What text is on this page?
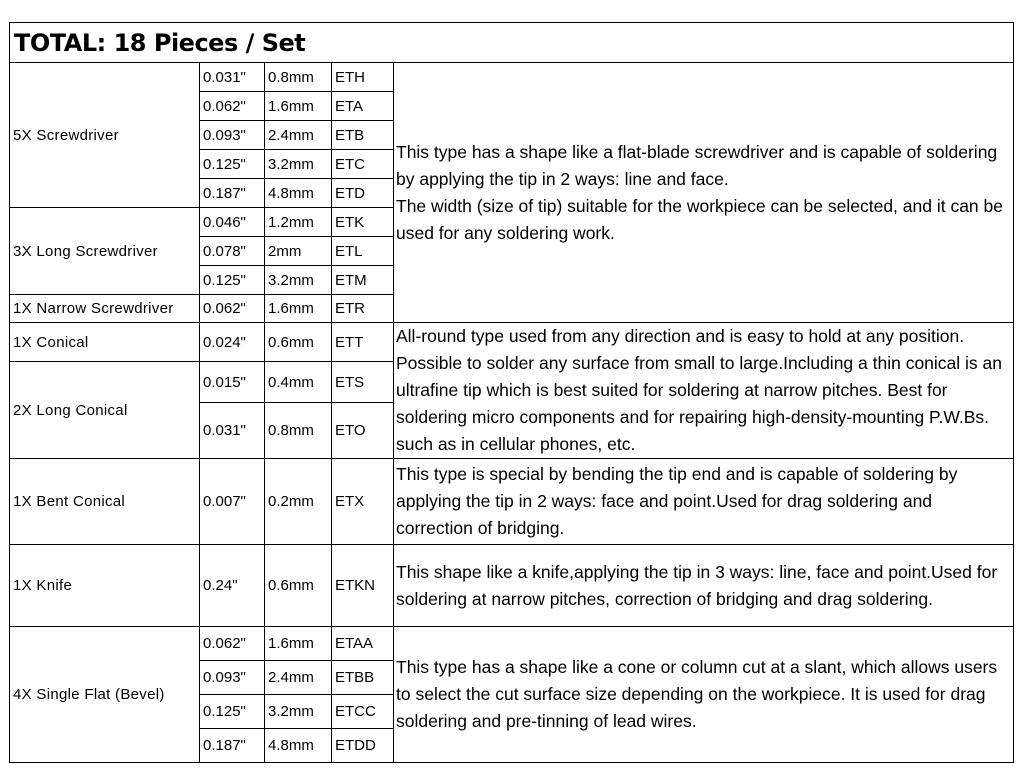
TOTAL: 18 Pieces / Set				
5X Screwdriver	0.031"	0.8mm	ETH	This type has a shape like a flat-blade screwdriver and is capable of soldering by applying the tip in 2 ways: line and face.

The width (size of tip) suitable for the workpiece can be selected, and it can be used for any soldering work.

	0.062"	1.6mm	ETA	
	0.093"	2.4mm	ETB	
	0.125"	3.2mm	ETC	
	0.187"	4.8mm	ETD	
3X Long Screwdriver	0.046"	1.2mm	ETK	
	0.078"	2mm	ETL	
	0.125"	3.2mm	ETM	
1X Narrow Screwdriver	0.062"	1.6mm	ETR	
1X Conical	0.024"	0.6mm	ETT	All-round type used from any direction and is easy to hold at any position. Possible to solder any surface from small to large.Including a thin conical is an ultrafine tip which is best suited for soldering at narrow pitches. Best for soldering micro components and for repairing high-density-mounting P.W.Bs. such as in cellular phones, etc.
2X Long Conical	0.015"	0.4mm	ETS	
	0.031"	0.8mm	ETO	
1X Bent Conical	0.007"	0.2mm	ETX	This type is special by bending the tip end and is capable of soldering by applying the tip in 2 ways: face and point.Used for drag soldering and correction of bridging.
1X Knife	0.24"	0.6mm	ETKN	This shape like a knife,applying the tip in 3 ways: line, face and point.Used for soldering at narrow pitches, correction of bridging and drag soldering.
4X Single Flat (Bevel)	0.062"	1.6mm	ETAA	This type has a shape like a cone or column cut at a slant, which allows users to select the cut surface size depending on the workpiece. It is used for drag soldering and pre-tinning of lead wires.
	0.093"	2.4mm	ETBB	
	0.125"	3.2mm	ETCC	
	0.187"	4.8mm	ETDD	
